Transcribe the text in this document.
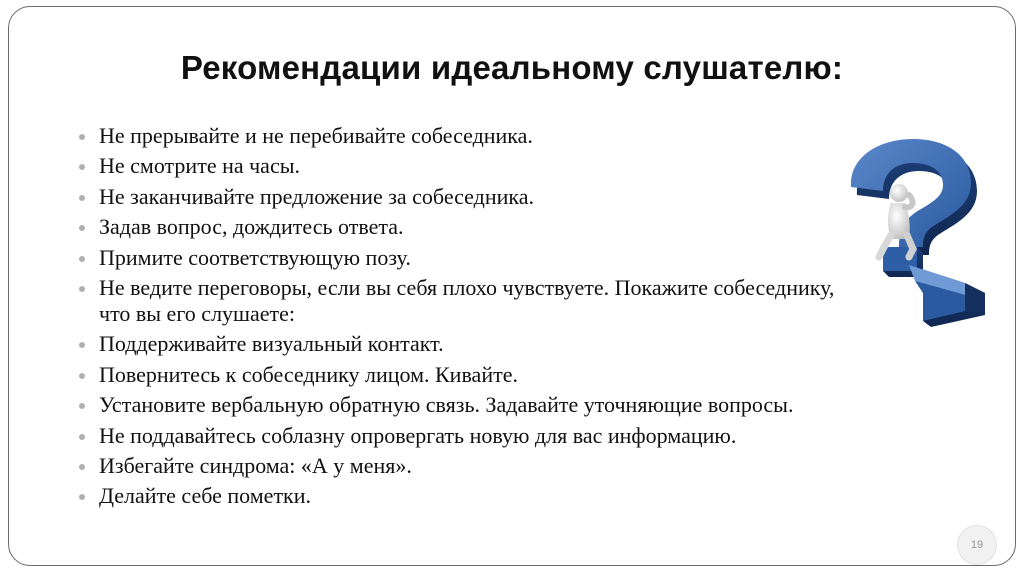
Рекомендации идеальному слушателю:
Не прерывайте и не перебивайте собеседника.
Не смотрите на часы.
Не заканчивайте предложение за собеседника.
Задав вопрос, дождитесь ответа.
Примите соответствующую позу.
Не ведите переговоры, если вы себя плохо чувствуете. Покажите собеседнику, что вы его слушаете:
Поддерживайте визуальный контакт.
Повернитесь к собеседнику лицом. Кивайте.
Установите вербальную обратную связь. Задавайте уточняющие вопросы.
Не поддавайтесь соблазну опровергать новую для вас информацию.
Избегайте синдрома: «А у меня».
Делайте себе пометки.
19
